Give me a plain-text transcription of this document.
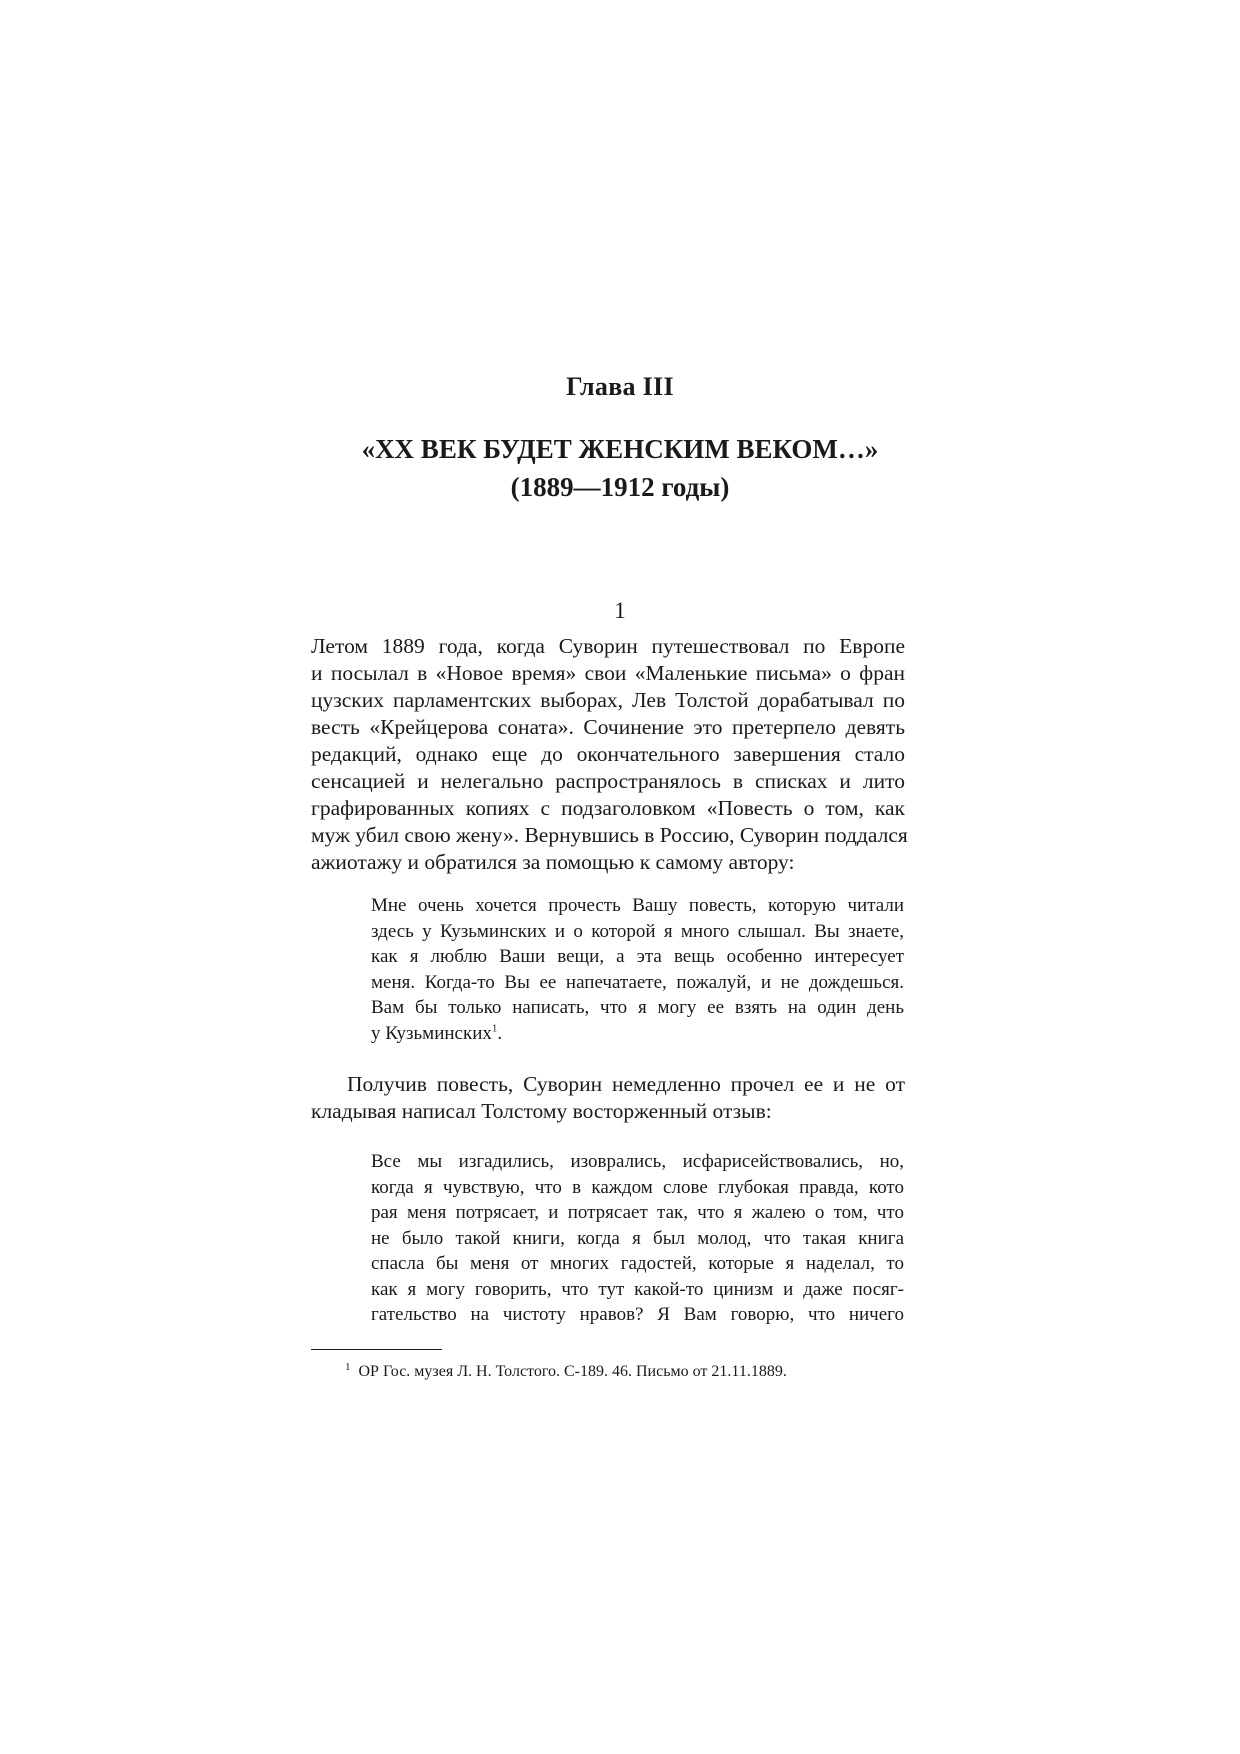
Глава III
«ХХ ВЕК БУДЕТ ЖЕНСКИМ ВЕКОМ…»
(1889—1912 годы)
1
Летом 1889 года, когда Суворин путешествовал по Европе
и посылал в «Новое время» свои «Маленькие письма» о фран
цузских парламентских выборах, Лев Толстой дорабатывал по
весть «Крейцерова соната». Сочинение это претерпело девять
редакций, однако еще до окончательного завершения стало
сенсацией и нелегально распространялось в списках и лито
графированных копиях с подзаголовком «Повесть о том, как
муж убил свою жену». Вернувшись в Россию, Суворин поддался
ажиотажу и обратился за помощью к самому автору:
Мне очень хочется прочесть Вашу повесть, которую читали
здесь у Кузьминских и о которой я много слышал. Вы знаете,
как я люблю Ваши вещи, а эта вещь особенно интересует
меня. Когда-то Вы ее напечатаете, пожалуй, и не дождешься.
Вам бы только написать, что я могу ее взять на один день
у Кузьминских$^1$.
Получив повесть, Суворин немедленно прочел ее и не от
кладывая написал Толстому восторженный отзыв:
Все мы изгадились, изоврались, исфарисействовались, но,
когда я чувствую, что в каждом слове глубокая правда, кото
рая меня потрясает, и потрясает так, что я жалею о том, что
не было такой книги, когда я был молод, что такая книга
спасла бы меня от многих гадостей, которые я наделал, то
как я могу говорить, что тут какой-то цинизм и даже посяг-
гательство на чистоту нравов? Я Вам говорю, что ничего
$^1$ ОР Гос. музея Л. Н. Толстого. С-189. 46. Письмо от 21.11.1889.
